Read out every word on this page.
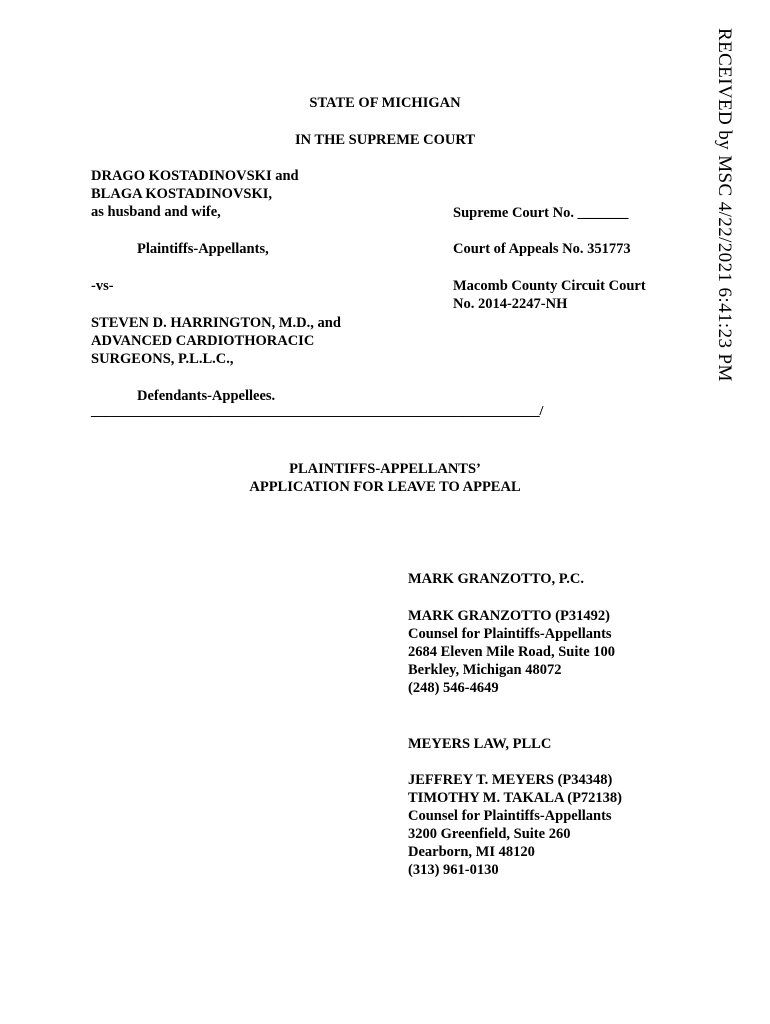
RECEIVED by MSC 4/22/2021 6:41:23 PM
STATE OF MICHIGAN
IN THE SUPREME COURT
DRAGO KOSTADINOVSKI and
BLAGA KOSTADINOVSKI,
as husband and wife,	Supreme Court No. _______
Plaintiffs-Appellants,	Court of Appeals No. 351773
-vs-	Macomb County Circuit Court
No. 2014-2247-NH
STEVEN D. HARRINGTON, M.D., and
ADVANCED CARDIOTHORACIC
SURGEONS, P.L.L.C.,
Defendants-Appellees.
_________________________________________________________________/
PLAINTIFFS-APPELLANTS’
APPLICATION FOR LEAVE TO APPEAL
MARK GRANZOTTO, P.C.
MARK GRANZOTTO (P31492)
Counsel for Plaintiffs-Appellants
2684 Eleven Mile Road, Suite 100
Berkley, Michigan 48072
(248) 546-4649
MEYERS LAW, PLLC
JEFFREY T. MEYERS (P34348)
TIMOTHY M. TAKALA (P72138)
Counsel for Plaintiffs-Appellants
3200 Greenfield, Suite 260
Dearborn, MI 48120
(313) 961-0130
